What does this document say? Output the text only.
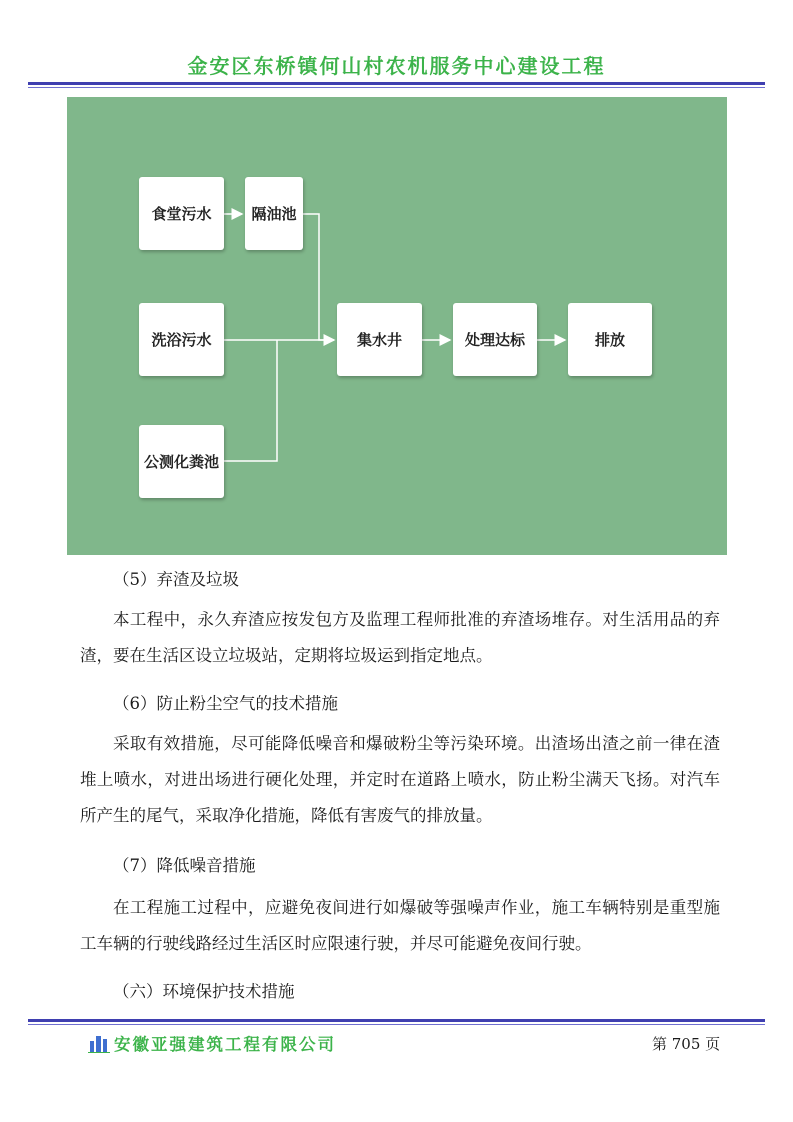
金安区东桥镇何山村农机服务中心建设工程
食堂污水	隔油池
洗浴污水
公测化粪池
集水井	处理达标	排放
（5）弃渣及垃圾

本工程中，永久弃渣应按发包方及监理工程师批准的弃渣场堆存。对生活用品的弃渣，要在生活区设立垃圾站，定期将垃圾运到指定地点。

（6）防止粉尘空气的技术措施

采取有效措施，尽可能降低噪音和爆破粉尘等污染环境。出渣场出渣之前一律在渣堆上喷水，对进出场进行硬化处理，并定时在道路上喷水，防止粉尘满天飞扬。对汽车所产生的尾气，采取净化措施，降低有害废气的排放量。

（7）降低噪音措施

在工程施工过程中，应避免夜间进行如爆破等强噪声作业，施工车辆特别是重型施工车辆的行驶线路经过生活区时应限速行驶，并尽可能避免夜间行驶。

（六）环境保护技术措施
安徽亚强建筑工程有限公司	第 705 页
